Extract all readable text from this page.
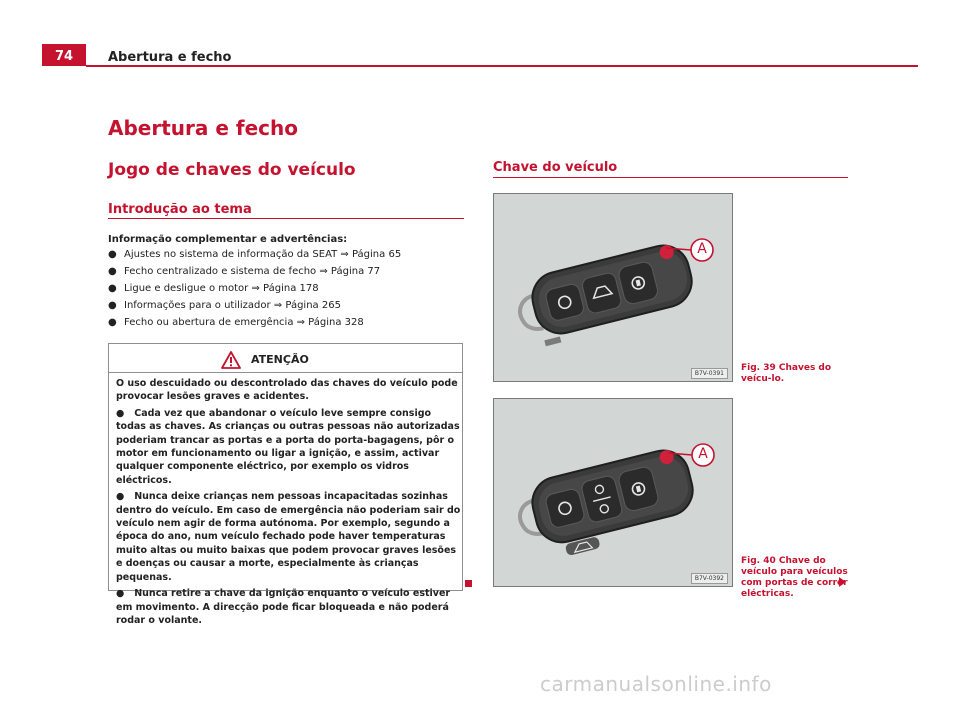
74	Abertura e fecho
Abertura e fecho
Jogo de chaves do veículo
Introdução ao tema
Informação complementar e advertências:
● Ajustes no sistema de informação da SEAT ⇒ Página 65
● Fecho centralizado e sistema de fecho ⇒ Página 77
● Ligue e desligue o motor ⇒ Página 178
● Informações para o utilizador ⇒ Página 265
● Fecho ou abertura de emergência ⇒ Página 328
ATENÇÃO

O uso descuidado ou descontrolado das chaves do veículo pode provocar lesões graves e acidentes.

●   Cada vez que abandonar o veículo leve sempre consigo todas as chaves. As crianças ou outras pessoas não autorizadas poderiam trancar as portas e a porta do porta-bagagens, pôr o motor em funcionamento ou ligar a ignição, e assim, activar qualquer componente eléctrico, por exemplo os vidros eléctricos.

●   Nunca deixe crianças nem pessoas incapacitadas sozinhas dentro do veículo. Em caso de emergência não poderiam sair do veículo nem agir de forma autónoma. Por exemplo, segundo a época do ano, num veículo fechado pode haver temperaturas muito altas ou muito baixas que podem provocar graves lesões e doenças ou causar a morte, especialmente às crianças pequenas.

●   Nunca retire a chave da ignição enquanto o veículo estiver em movimento. A direcção pode ficar bloqueada e não poderá rodar o volante.

Chave do veículo
A
B7V-0391
Fig. 39 Chaves do veícu-lo.
A
B7V-0392
Fig. 40 Chave do veículo para veículos com portas de correr eléctricas.
carmanualsonline.info
